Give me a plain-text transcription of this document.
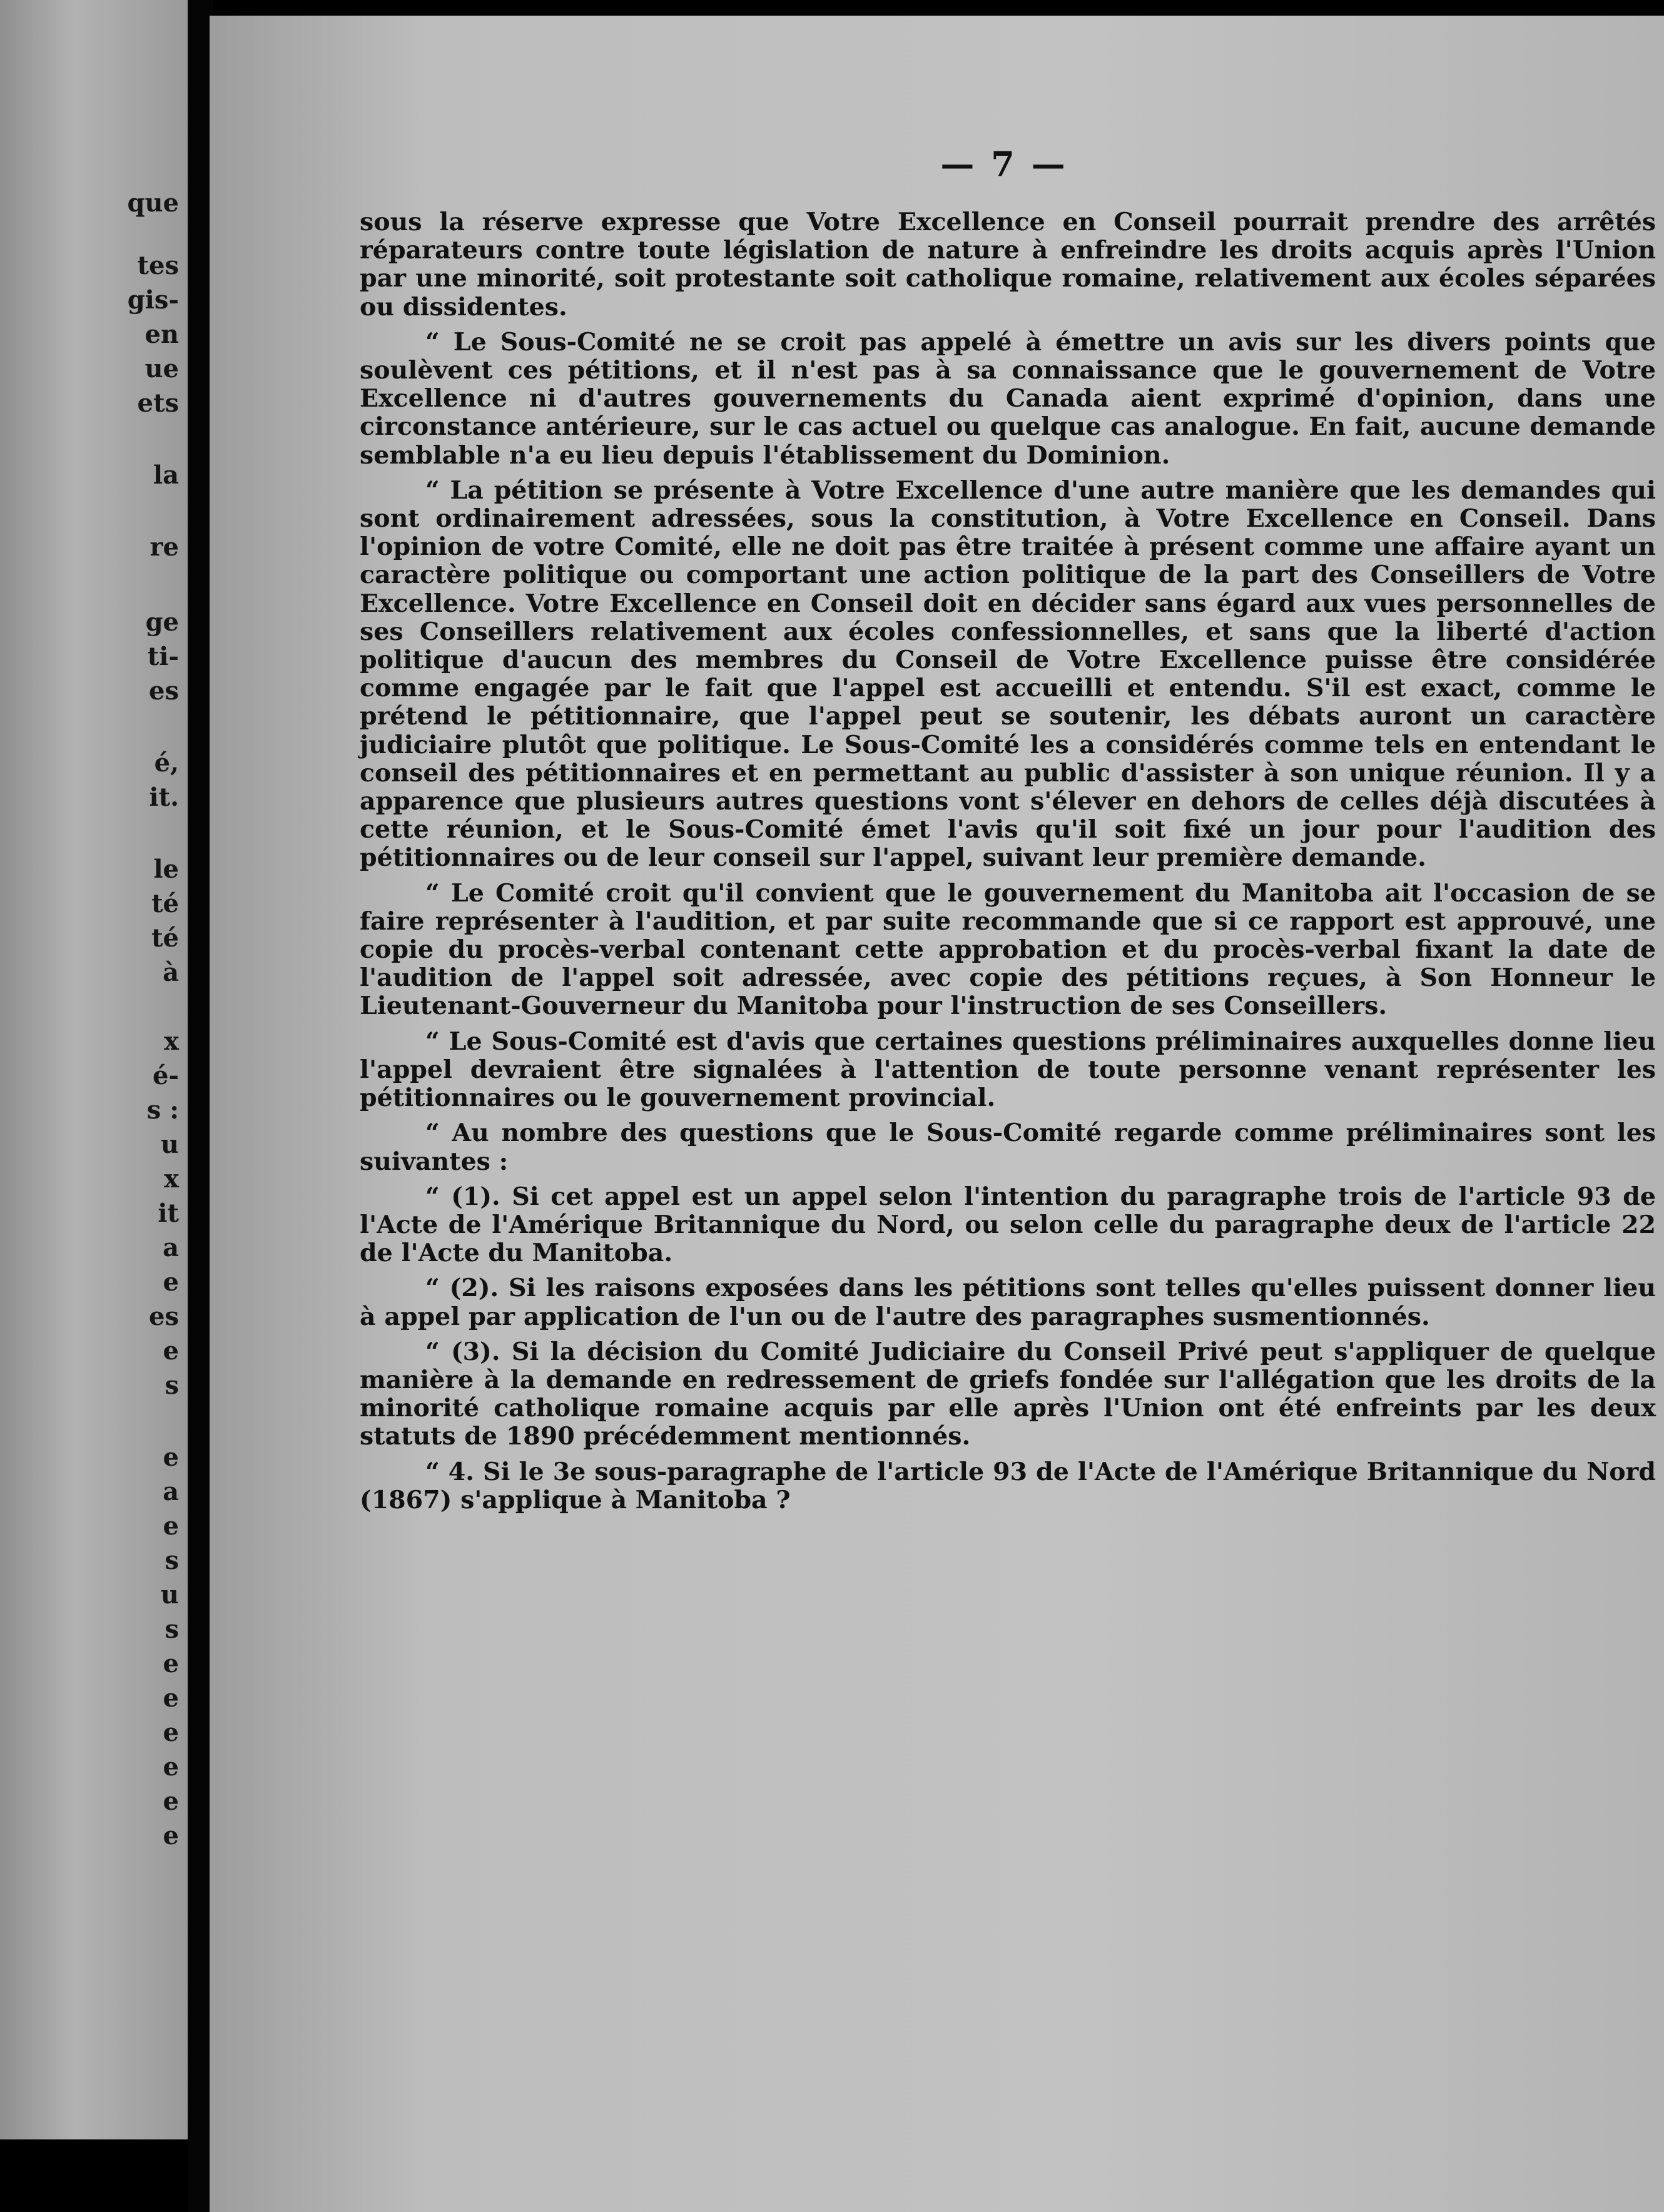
que
tes
gis-
en
ue
ets
la
re
ge
ti-
es
é,
it.
le
té
té
à
x
é-
s :
u
x
it
a
e
es
e
s
e
a
e
s
u
s
e
e
e
e
e
e
— 7 —

sous la réserve expresse que Votre Excellence en Conseil pourrait prendre des arrêtés réparateurs contre toute législation de nature à enfreindre les droits acquis après l'Union par une minorité, soit protestante soit catholique romaine, relativement aux écoles séparées ou dissidentes.

“ Le Sous-Comité ne se croit pas appelé à émettre un avis sur les divers points que soulèvent ces pétitions, et il n'est pas à sa connaissance que le gouvernement de Votre Excellence ni d'autres gouvernements du Canada aient exprimé d'opinion, dans une circonstance antérieure, sur le cas actuel ou quelque cas analogue. En fait, aucune demande semblable n'a eu lieu depuis l'établissement du Dominion.

“ La pétition se présente à Votre Excellence d'une autre manière que les demandes qui sont ordinairement adressées, sous la constitution, à Votre Excellence en Conseil. Dans l'opinion de votre Comité, elle ne doit pas être traitée à présent comme une affaire ayant un caractère politique ou comportant une action politique de la part des Conseillers de Votre Excellence. Votre Excellence en Conseil doit en décider sans égard aux vues personnelles de ses Conseillers relativement aux écoles confessionnelles, et sans que la liberté d'action politique d'aucun des membres du Conseil de Votre Excellence puisse être considérée comme engagée par le fait que l'appel est accueilli et entendu. S'il est exact, comme le prétend le pétitionnaire, que l'appel peut se soutenir, les débats auront un caractère judiciaire plutôt que politique. Le Sous-Comité les a considérés comme tels en entendant le conseil des pétitionnaires et en permettant au public d'assister à son unique réunion. Il y a apparence que plusieurs autres questions vont s'élever en dehors de celles déjà discutées à cette réunion, et le Sous-Comité émet l'avis qu'il soit fixé un jour pour l'audition des pétitionnaires ou de leur conseil sur l'appel, suivant leur première demande.

“ Le Comité croit qu'il convient que le gouvernement du Manitoba ait l'occasion de se faire représenter à l'audition, et par suite recommande que si ce rapport est approuvé, une copie du procès-verbal contenant cette approbation et du procès-verbal fixant la date de l'audition de l'appel soit adressée, avec copie des pétitions reçues, à Son Honneur le Lieutenant-Gouverneur du Manitoba pour l'instruction de ses Conseillers.

“ Le Sous-Comité est d'avis que certaines questions préliminaires auxquelles donne lieu l'appel devraient être signalées à l'attention de toute personne venant représenter les pétitionnaires ou le gouvernement provincial.

“ Au nombre des questions que le Sous-Comité regarde comme préliminaires sont les suivantes :

“ (1). Si cet appel est un appel selon l'intention du paragraphe trois de l'article 93 de l'Acte de l'Amérique Britannique du Nord, ou selon celle du paragraphe deux de l'article 22 de l'Acte du Manitoba.

“ (2). Si les raisons exposées dans les pétitions sont telles qu'elles puissent donner lieu à appel par application de l'un ou de l'autre des paragraphes susmentionnés.

“ (3). Si la décision du Comité Judiciaire du Conseil Privé peut s'appliquer de quelque manière à la demande en redressement de griefs fondée sur l'allégation que les droits de la minorité catholique romaine acquis par elle après l'Union ont été enfreints par les deux statuts de 1890 précédemment mentionnés.

“ 4. Si le 3e sous-paragraphe de l'article 93 de l'Acte de l'Amérique Britannique du Nord (1867) s'applique à Manitoba ?
